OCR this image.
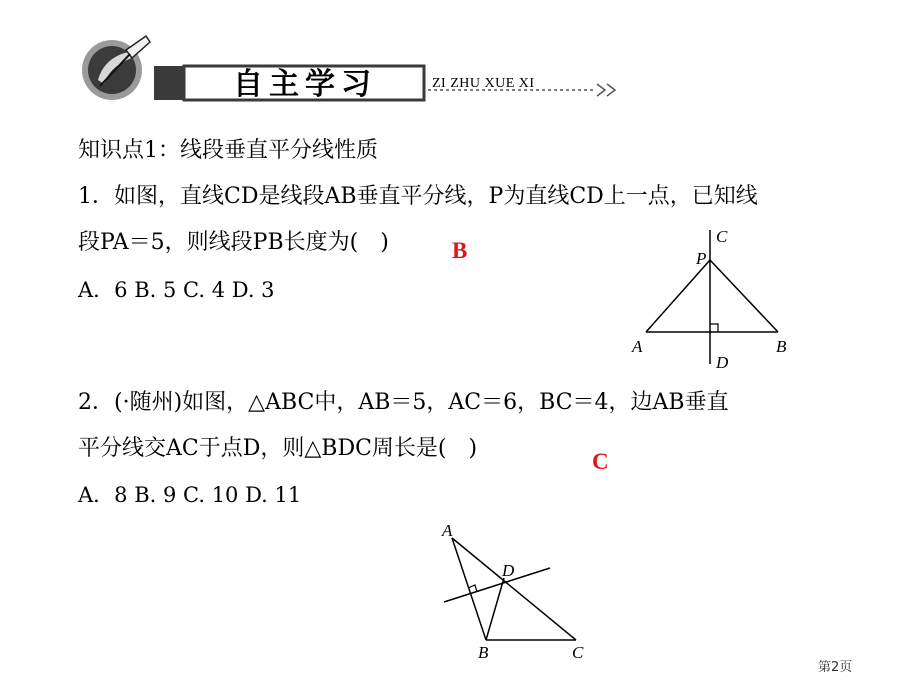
自主学习	ZI ZHU XUE XI
知识点1：线段垂直平分线性质
1．如图，直线CD是线段AB垂直平分线，P为直线CD上一点，已知线
段PA＝5，则线段PB长度为(　)
A．6 B. 5 C. 4 D. 3
B
C
P
A	B
D
2．(·随州)如图，△ABC中，AB＝5，AC＝6，BC＝4，边AB垂直
平分线交AC于点D，则△BDC周长是(　)
A．8 B. 9 C. 10 D. 11
C
A
D
B	C
第2页
